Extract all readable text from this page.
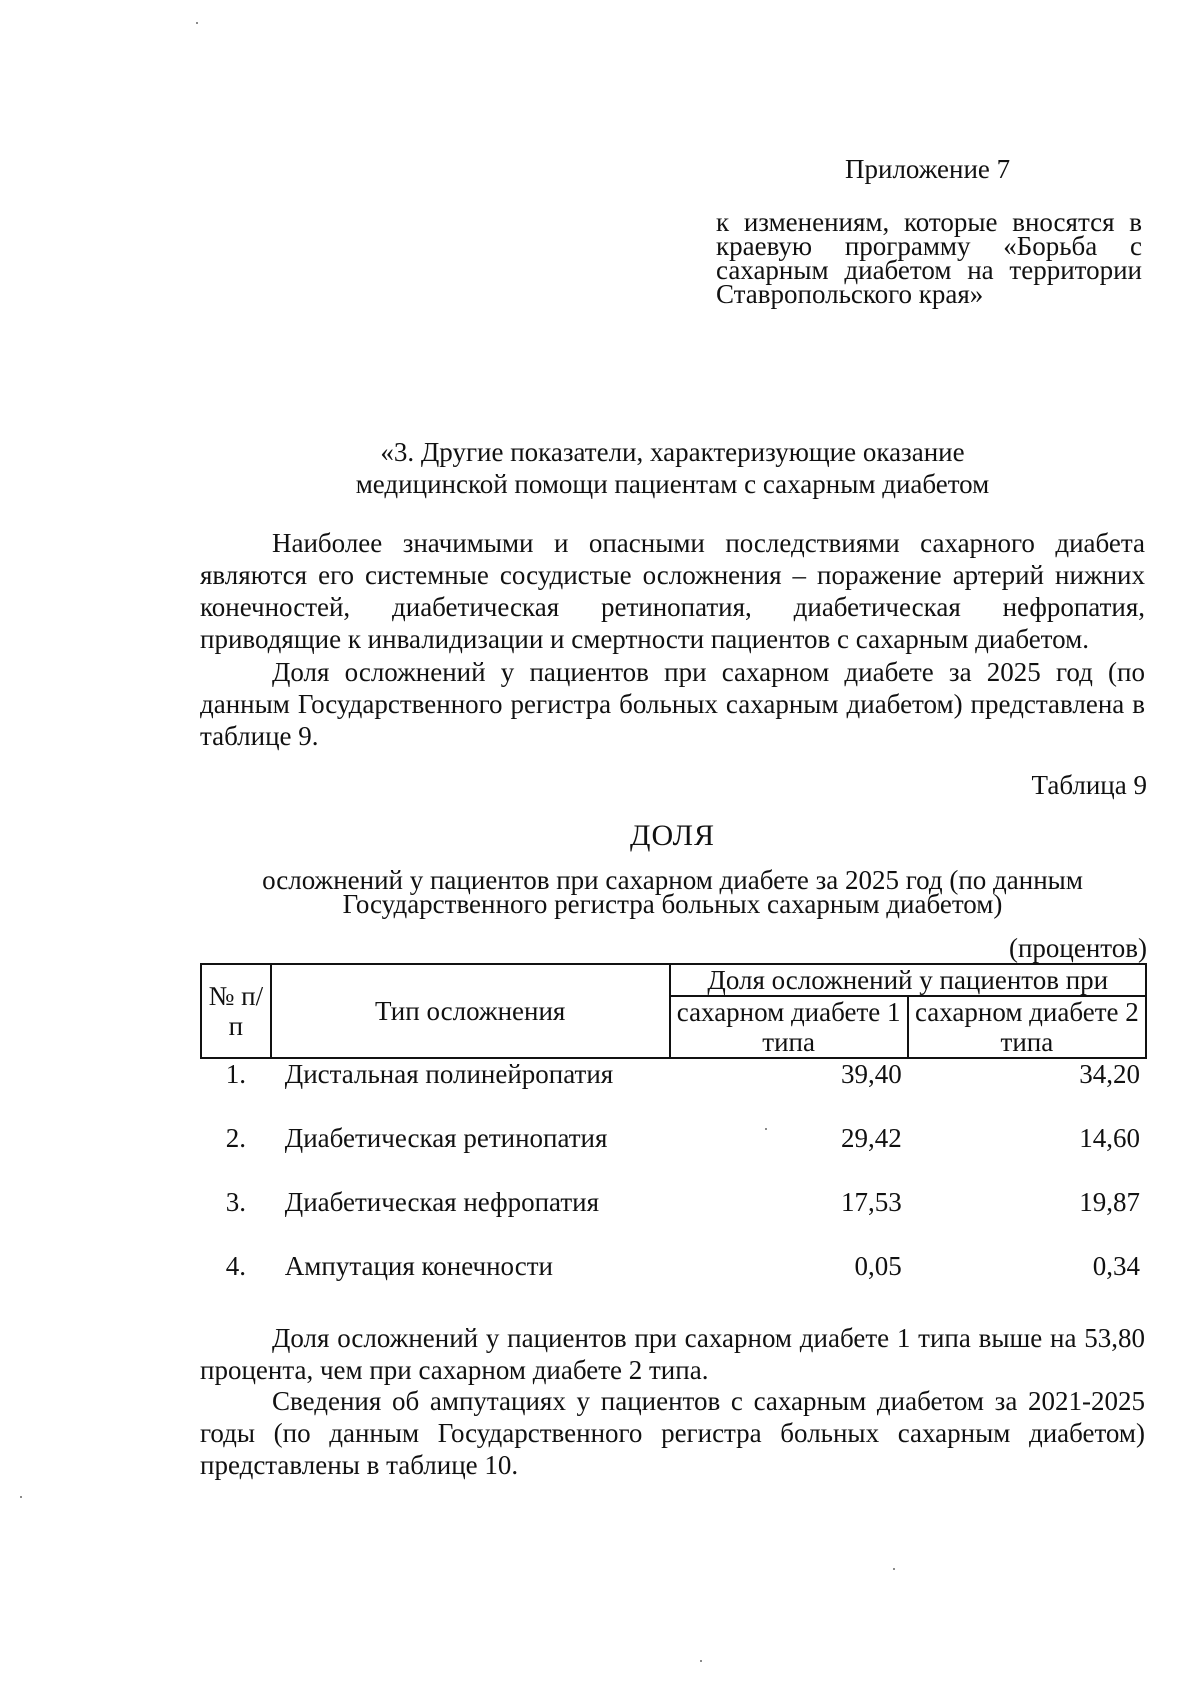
Приложение 7
к изменениям, которые вносятся в краевую программу «Борьба с сахарным диабетом на территории Ставропольского края»
«3. Другие показатели, характеризующие оказание
медицинской помощи пациентам с сахарным диабетом
Наиболее значимыми и опасными последствиями сахарного диабета являются его системные сосудистые осложнения – поражение артерий нижних конечностей, диабетическая ретинопатия, диабетическая нефропатия, приводящие к инвалидизации и смертности пациентов с сахарным диабетом.
Доля осложнений у пациентов при сахарном диабете за 2025 год (по данным Государственного регистра больных сахарным диабетом) представлена в таблице 9.
Таблица 9
ДОЛЯ
осложнений у пациентов при сахарном диабете за 2025 год (по данным
Государственного регистра больных сахарным диабетом)
(процентов)
№ п/п	Тип осложнения	Доля осложнений у пациентов при	
		сахарном диабете 1 типа	сахарном диабете 2 типа
1.	Дистальная полинейропатия	39,40	34,20
2.	Диабетическая ретинопатия	29,42	14,60
3.	Диабетическая нефропатия	17,53	19,87
4.	Ампутация конечности	0,05	0,34
Доля осложнений у пациентов при сахарном диабете 1 типа выше на 53,80 процента, чем при сахарном диабете 2 типа.
Сведения об ампутациях у пациентов с сахарным диабетом за 2021-2025 годы (по данным Государственного регистра больных сахарным диабетом) представлены в таблице 10.
